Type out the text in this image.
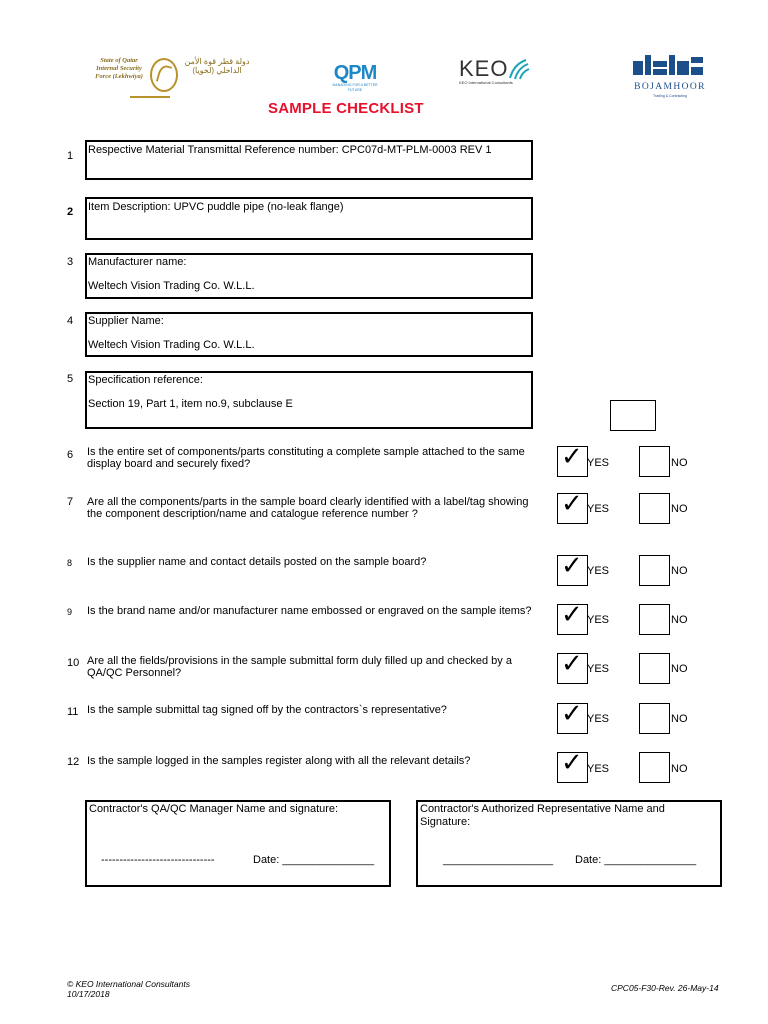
State of Qatar Internal Security Force (Lekhwiya)
دولة قطر قوة الأمن الداخلي (لخويا)	QPM
MANAGING FOR A BETTER FUTURE
KEO
KEO International Consultants	BOJAMHOOR
Trading & Contracting
SAMPLE CHECKLIST
1 Respective Material Transmittal Reference number: CPC07d-MT-PLM-0003 REV 1
2 Item Description: UPVC puddle pipe (no-leak flange)
3 Manufacturer name:
Weltech Vision Trading Co. W.L.L.
4 Supplier Name:
Weltech Vision Trading Co. W.L.L.
5 Specification reference:
Section 19, Part 1, item no.9, subclause E
6 Is the entire set of components/parts constituting a complete sample attached to the same display board and securely fixed?	✓ YES	NO
7 Are all the components/parts in the sample board clearly identified with a label/tag showing the component description/name and catalogue reference number ?	✓ YES	NO
8 Is the supplier name and contact details posted on the sample board?	✓ YES	NO
9 Is the brand name and/or manufacturer name embossed or engraved on the sample items? ✓ YES	NO
10 Are all the fields/provisions in the sample submittal form duly filled up and checked by a QA/QC Personnel?	✓ YES	NO
11 Is the sample submittal tag signed off by the contractors`s representative?	✓ YES	NO
12 Is the sample logged in the samples register along with all the relevant details?	✓ YES	NO
Contractor's QA/QC Manager Name and signature:
-------------------------------	Date: _______________
Contractor's Authorized Representative Name and Signature:
__________________ Date: _______________
© KEO International Consultants
10/17/2018
CPC05-F30-Rev. 26-May-14
